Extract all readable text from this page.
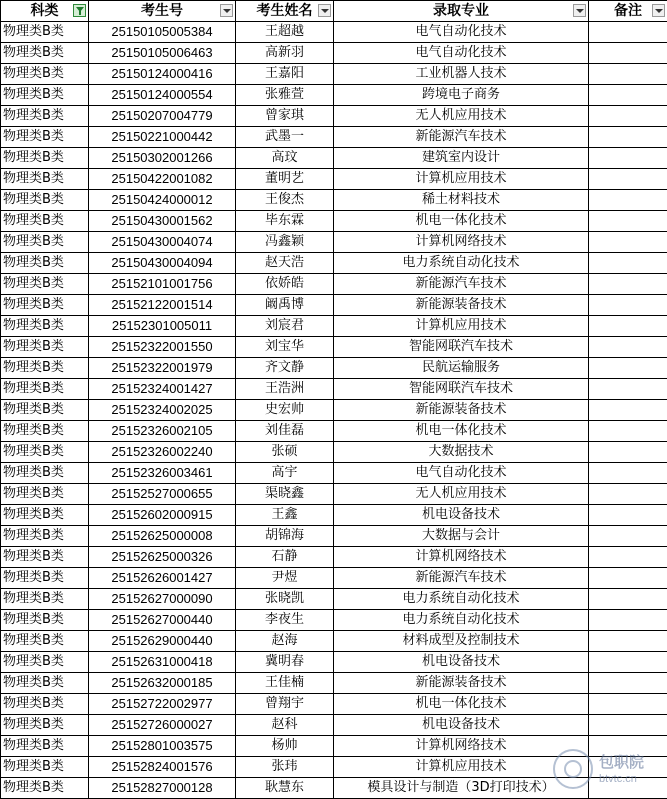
科类	考生号	考生姓名	录取专业	备注

物理类B类	25150105005384	王超越	电气自动化技术	
物理类B类	25150105006463	高新羽	电气自动化技术	
物理类B类	25150124000416	王嘉阳	工业机器人技术	
物理类B类	25150124000554	张雅萱	跨境电子商务	
物理类B类	25150207004779	曾家琪	无人机应用技术	
物理类B类	25150221000442	武墨一	新能源汽车技术	
物理类B类	25150302001266	高玟	建筑室内设计	
物理类B类	25150422001082	董明艺	计算机应用技术	
物理类B类	25150424000012	王俊杰	稀土材料技术	
物理类B类	25150430001562	毕东霖	机电一体化技术	
物理类B类	25150430004074	冯鑫颖	计算机网络技术	
物理类B类	25150430004094	赵天浩	电力系统自动化技术	
物理类B类	25152101001756	依娇皓	新能源汽车技术	
物理类B类	25152122001514	阚禹博	新能源装备技术	
物理类B类	25152301005011	刘宸君	计算机应用技术	
物理类B类	25152322001550	刘宝华	智能网联汽车技术	
物理类B类	25152322001979	齐文静	民航运输服务	
物理类B类	25152324001427	王浩洲	智能网联汽车技术	
物理类B类	25152324002025	史宏帅	新能源装备技术	
物理类B类	25152326002105	刘佳磊	机电一体化技术	
物理类B类	25152326002240	张硕	大数据技术	
物理类B类	25152326003461	高宇	电气自动化技术	
物理类B类	25152527000655	渠晓鑫	无人机应用技术	
物理类B类	25152602000915	王鑫	机电设备技术	
物理类B类	25152625000008	胡锦海	大数据与会计	
物理类B类	25152625000326	石静	计算机网络技术	
物理类B类	25152626001427	尹煜	新能源汽车技术	
物理类B类	25152627000090	张晓凯	电力系统自动化技术	
物理类B类	25152627000440	李夜生	电力系统自动化技术	
物理类B类	25152629000440	赵海	材料成型及控制技术	
物理类B类	25152631000418	冀明春	机电设备技术	
物理类B类	25152632000185	王佳楠	新能源装备技术	
物理类B类	25152722002977	曾翔宇	机电一体化技术	
物理类B类	25152726000027	赵科	机电设备技术	
物理类B类	25152801003575	杨帅	计算机网络技术	
物理类B类	25152824001576	张玮	计算机应用技术	
物理类B类	25152827000128	耿慧东	模具设计与制造（3D打印技术）	
包职院
btvtc.cn
